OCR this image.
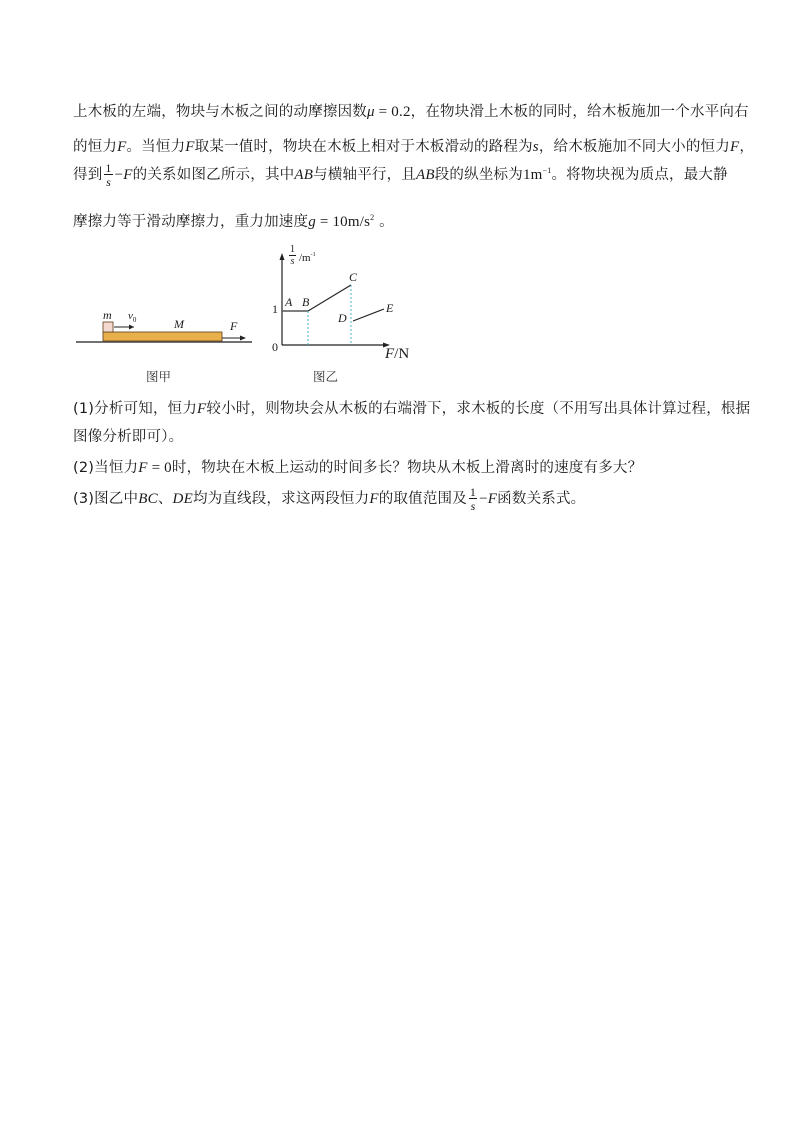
上木板的左端，物块与木板之间的动摩擦因数μ = 0.2，在物块滑上木板的同时，给木板施加一个水平向右
的恒力F。当恒力F取某一值时，物块在木板上相对于木板滑动的路程为s，给木板施加不同大小的恒力F，
得到 $\frac{1}{s} -F$的关系如图乙所示，其中AB与横轴平行，且AB段的纵坐标为$1m^{-1}$。将物块视为质点，最大静
摩擦力等于滑动摩擦力，重力加速度$g = 10m/s^2$ 。
m $v_0$	M	F
图甲
$\frac{1}{s} /m^{-1}$
1
0
A B
C
D
E
F/N
图乙
(1)分析可知，恒力F较小时，则物块会从木板的右端滑下，求木板的长度（不用写出具体计算过程，根据
图像分析即可）。
(2)当恒力F = 0时，物块在木板上运动的时间多长？物块从木板上滑离时的速度有多大？
(3)图乙中BC、DE均为直线段，求这两段恒力F的取值范围及 $\frac{1}{s} -F$函数关系式。
